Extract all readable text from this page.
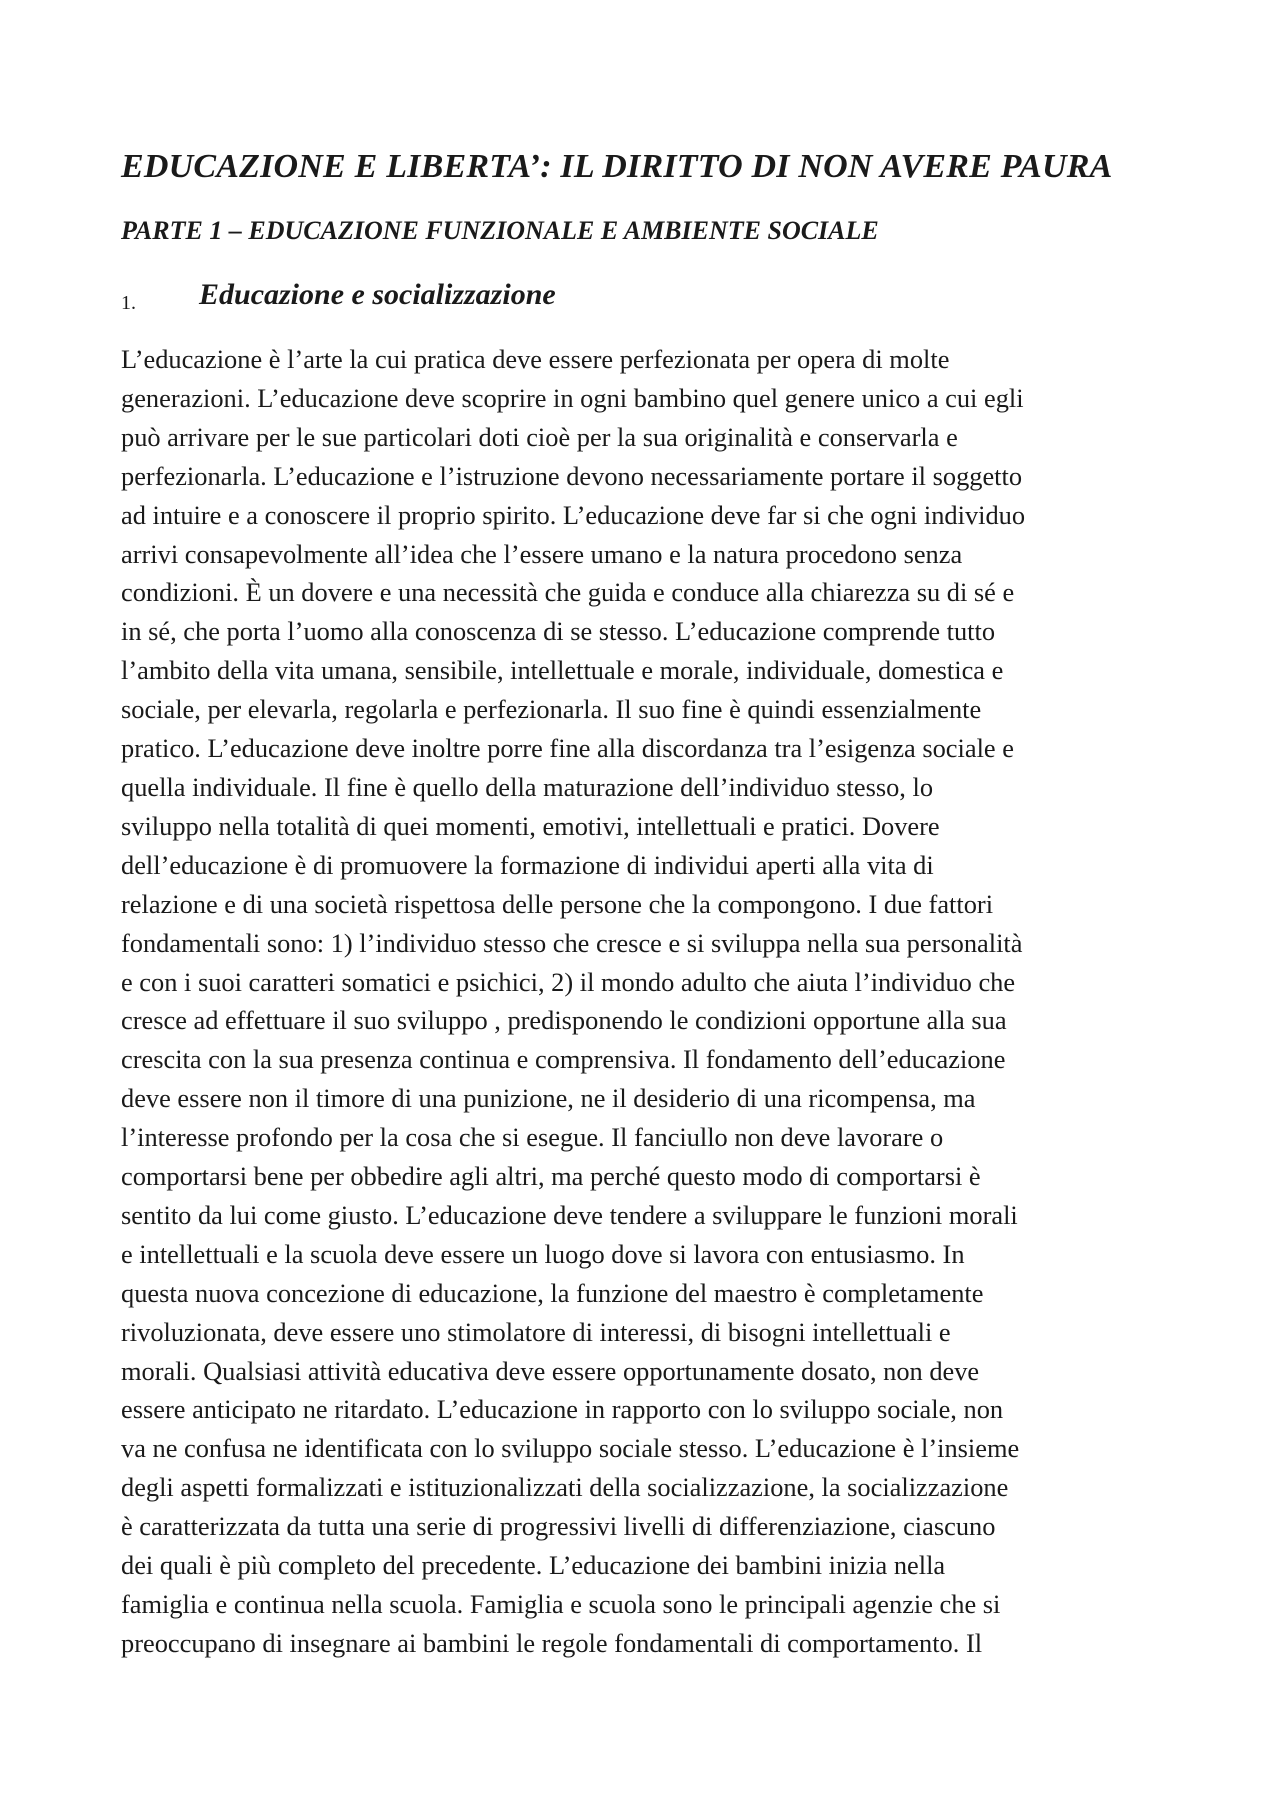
EDUCAZIONE E LIBERTA’: IL DIRITTO DI NON AVERE PAURA
PARTE 1 – EDUCAZIONE FUNZIONALE E AMBIENTE SOCIALE
1. Educazione e socializzazione

L’educazione è l’arte la cui pratica deve essere perfezionata per opera di molte
generazioni. L’educazione deve scoprire in ogni bambino quel genere unico a cui egli
può arrivare per le sue particolari doti cioè per la sua originalità e conservarla e
perfezionarla. L’educazione e l’istruzione devono necessariamente portare il soggetto
ad intuire e a conoscere il proprio spirito. L’educazione deve far si che ogni individuo
arrivi consapevolmente all’idea che l’essere umano e la natura procedono senza
condizioni. È un dovere e una necessità che guida e conduce alla chiarezza su di sé e
in sé, che porta l’uomo alla conoscenza di se stesso. L’educazione comprende tutto
l’ambito della vita umana, sensibile, intellettuale e morale, individuale, domestica e
sociale, per elevarla, regolarla e perfezionarla. Il suo fine è quindi essenzialmente
pratico. L’educazione deve inoltre porre fine alla discordanza tra l’esigenza sociale e
quella individuale. Il fine è quello della maturazione dell’individuo stesso, lo
sviluppo nella totalità di quei momenti, emotivi, intellettuali e pratici. Dovere
dell’educazione è di promuovere la formazione di individui aperti alla vita di
relazione e di una società rispettosa delle persone che la compongono. I due fattori
fondamentali sono: 1) l’individuo stesso che cresce e si sviluppa nella sua personalità
e con i suoi caratteri somatici e psichici, 2) il mondo adulto che aiuta l’individuo che
cresce ad effettuare il suo sviluppo , predisponendo le condizioni opportune alla sua
crescita con la sua presenza continua e comprensiva. Il fondamento dell’educazione
deve essere non il timore di una punizione, ne il desiderio di una ricompensa, ma
l’interesse profondo per la cosa che si esegue. Il fanciullo non deve lavorare o
comportarsi bene per obbedire agli altri, ma perché questo modo di comportarsi è
sentito da lui come giusto. L’educazione deve tendere a sviluppare le funzioni morali
e intellettuali e la scuola deve essere un luogo dove si lavora con entusiasmo. In
questa nuova concezione di educazione, la funzione del maestro è completamente
rivoluzionata, deve essere uno stimolatore di interessi, di bisogni intellettuali e
morali. Qualsiasi attività educativa deve essere opportunamente dosato, non deve
essere anticipato ne ritardato. L’educazione in rapporto con lo sviluppo sociale, non
va ne confusa ne identificata con lo sviluppo sociale stesso. L’educazione è l’insieme
degli aspetti formalizzati e istituzionalizzati della socializzazione, la socializzazione
è caratterizzata da tutta una serie di progressivi livelli di differenziazione, ciascuno
dei quali è più completo del precedente. L’educazione dei bambini inizia nella
famiglia e continua nella scuola. Famiglia e scuola sono le principali agenzie che si
preoccupano di insegnare ai bambini le regole fondamentali di comportamento. Il
